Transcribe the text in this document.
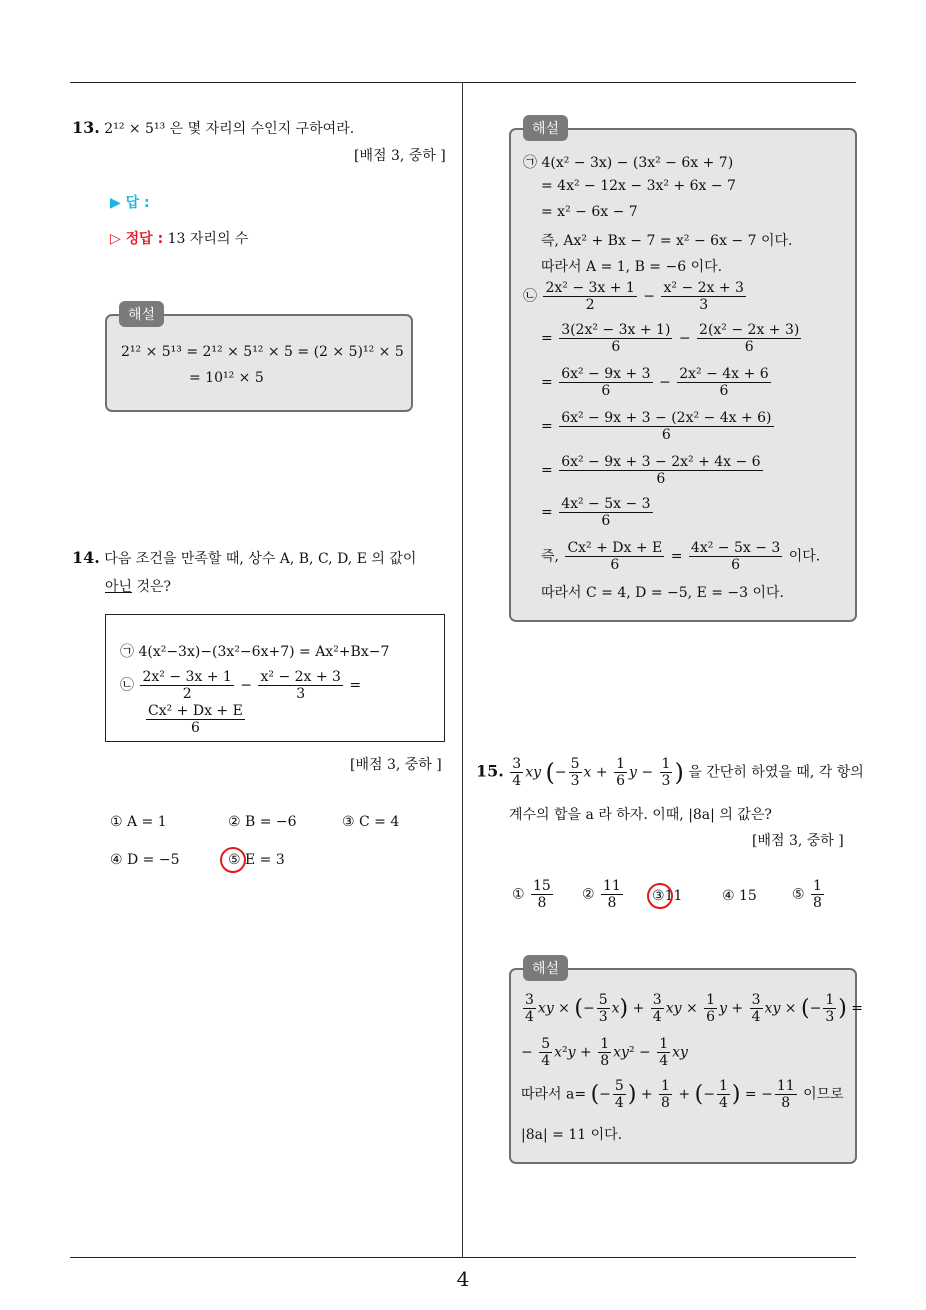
4
13. 2¹² × 5¹³ 은 몇 자리의 수인지 구하여라.
[배점 3, 중하 ]
▶ 답 :
▷ 정답 : 13 자리의 수
해설
2¹² × 5¹³ = 2¹² × 5¹² × 5 = (2 × 5)¹² × 5
= 10¹² × 5
14. 다음 조건을 만족할 때, 상수 A, B, C, D, E 의 값이
아닌 것은?
㉠ 4(x²−3x)−(3x²−6x+7) = Ax²+Bx−7
㉡ $\frac{\text{2x² − 3x + 1}}{2} - \frac{\text{x² − 2x + 3}}{3}$ =
$\frac{\text{Cx² + Dx + E}}{6}$
[배점 3, 중하 ]
① A = 1	② B = −6	③ C = 4
④ D = −5	⑤ E = 3
해설
㉠ 4(x² − 3x) − (3x² − 6x + 7)
= 4x² − 12x − 3x² + 6x − 7
= x² − 6x − 7
즉, Ax² + Bx − 7 = x² − 6x − 7 이다.
따라서 A = 1, B = −6 이다.
㉡ $\frac{\text{2x² − 3x + 1}}{2} - \frac{\text{x² − 2x + 3}}{3}$
= $\frac{\text{3(2x² − 3x + 1)}}{6} - \frac{\text{2(x² − 2x + 3)}}{6}$
= $\frac{\text{6x² − 9x + 3}}{6} - \frac{\text{2x² − 4x + 6}}{6}$
= $\frac{\text{6x² − 9x + 3 − (2x² − 4x + 6)}}{6}$
= $\frac{\text{6x² − 9x + 3 − 2x² + 4x − 6}}{6}$
= $\frac{\text{4x² − 5x − 3}}{6}$
즉, $\frac{\text{Cx² + Dx + E}}{6} = \frac{\text{4x² − 5x − 3}}{6}$ 이다.
따라서 C = 4, D = −5, E = −3 이다.
15. $\frac{3}{4}$ xy (− $\frac{5}{3}$ $x + \frac{1}{6}$ $y - \frac{1}{3}$ ) 을 간단히 하였을 때, 각 항의
계수의 합을 a 라 하자. 이때, |8a| 의 값은?
[배점 3, 중하 ]
① $\frac{15}{8}$ ② $\frac{11}{8}$ ③11	④ 15	⑤ $\frac{1}{8}$
해설
$\frac{3}{4}$ xy × (− $\frac{5}{3} x) + \frac{3}{4}$ xy × $\frac{1}{6}$ $y + \frac{3}{4}$ xy × (− $\frac{1}{3}$ ) =
− $\frac{5}{4} x^2y + \frac{1}{8} xy^2 - \frac{1}{4}$ xy
따라서 a= (− $\frac{5}{4}$ ) + $\frac{1}{8}$ + (− $\frac{1}{4}$ ) = − $\frac{11}{8}$ 이므로
|8a| = 11 이다.
